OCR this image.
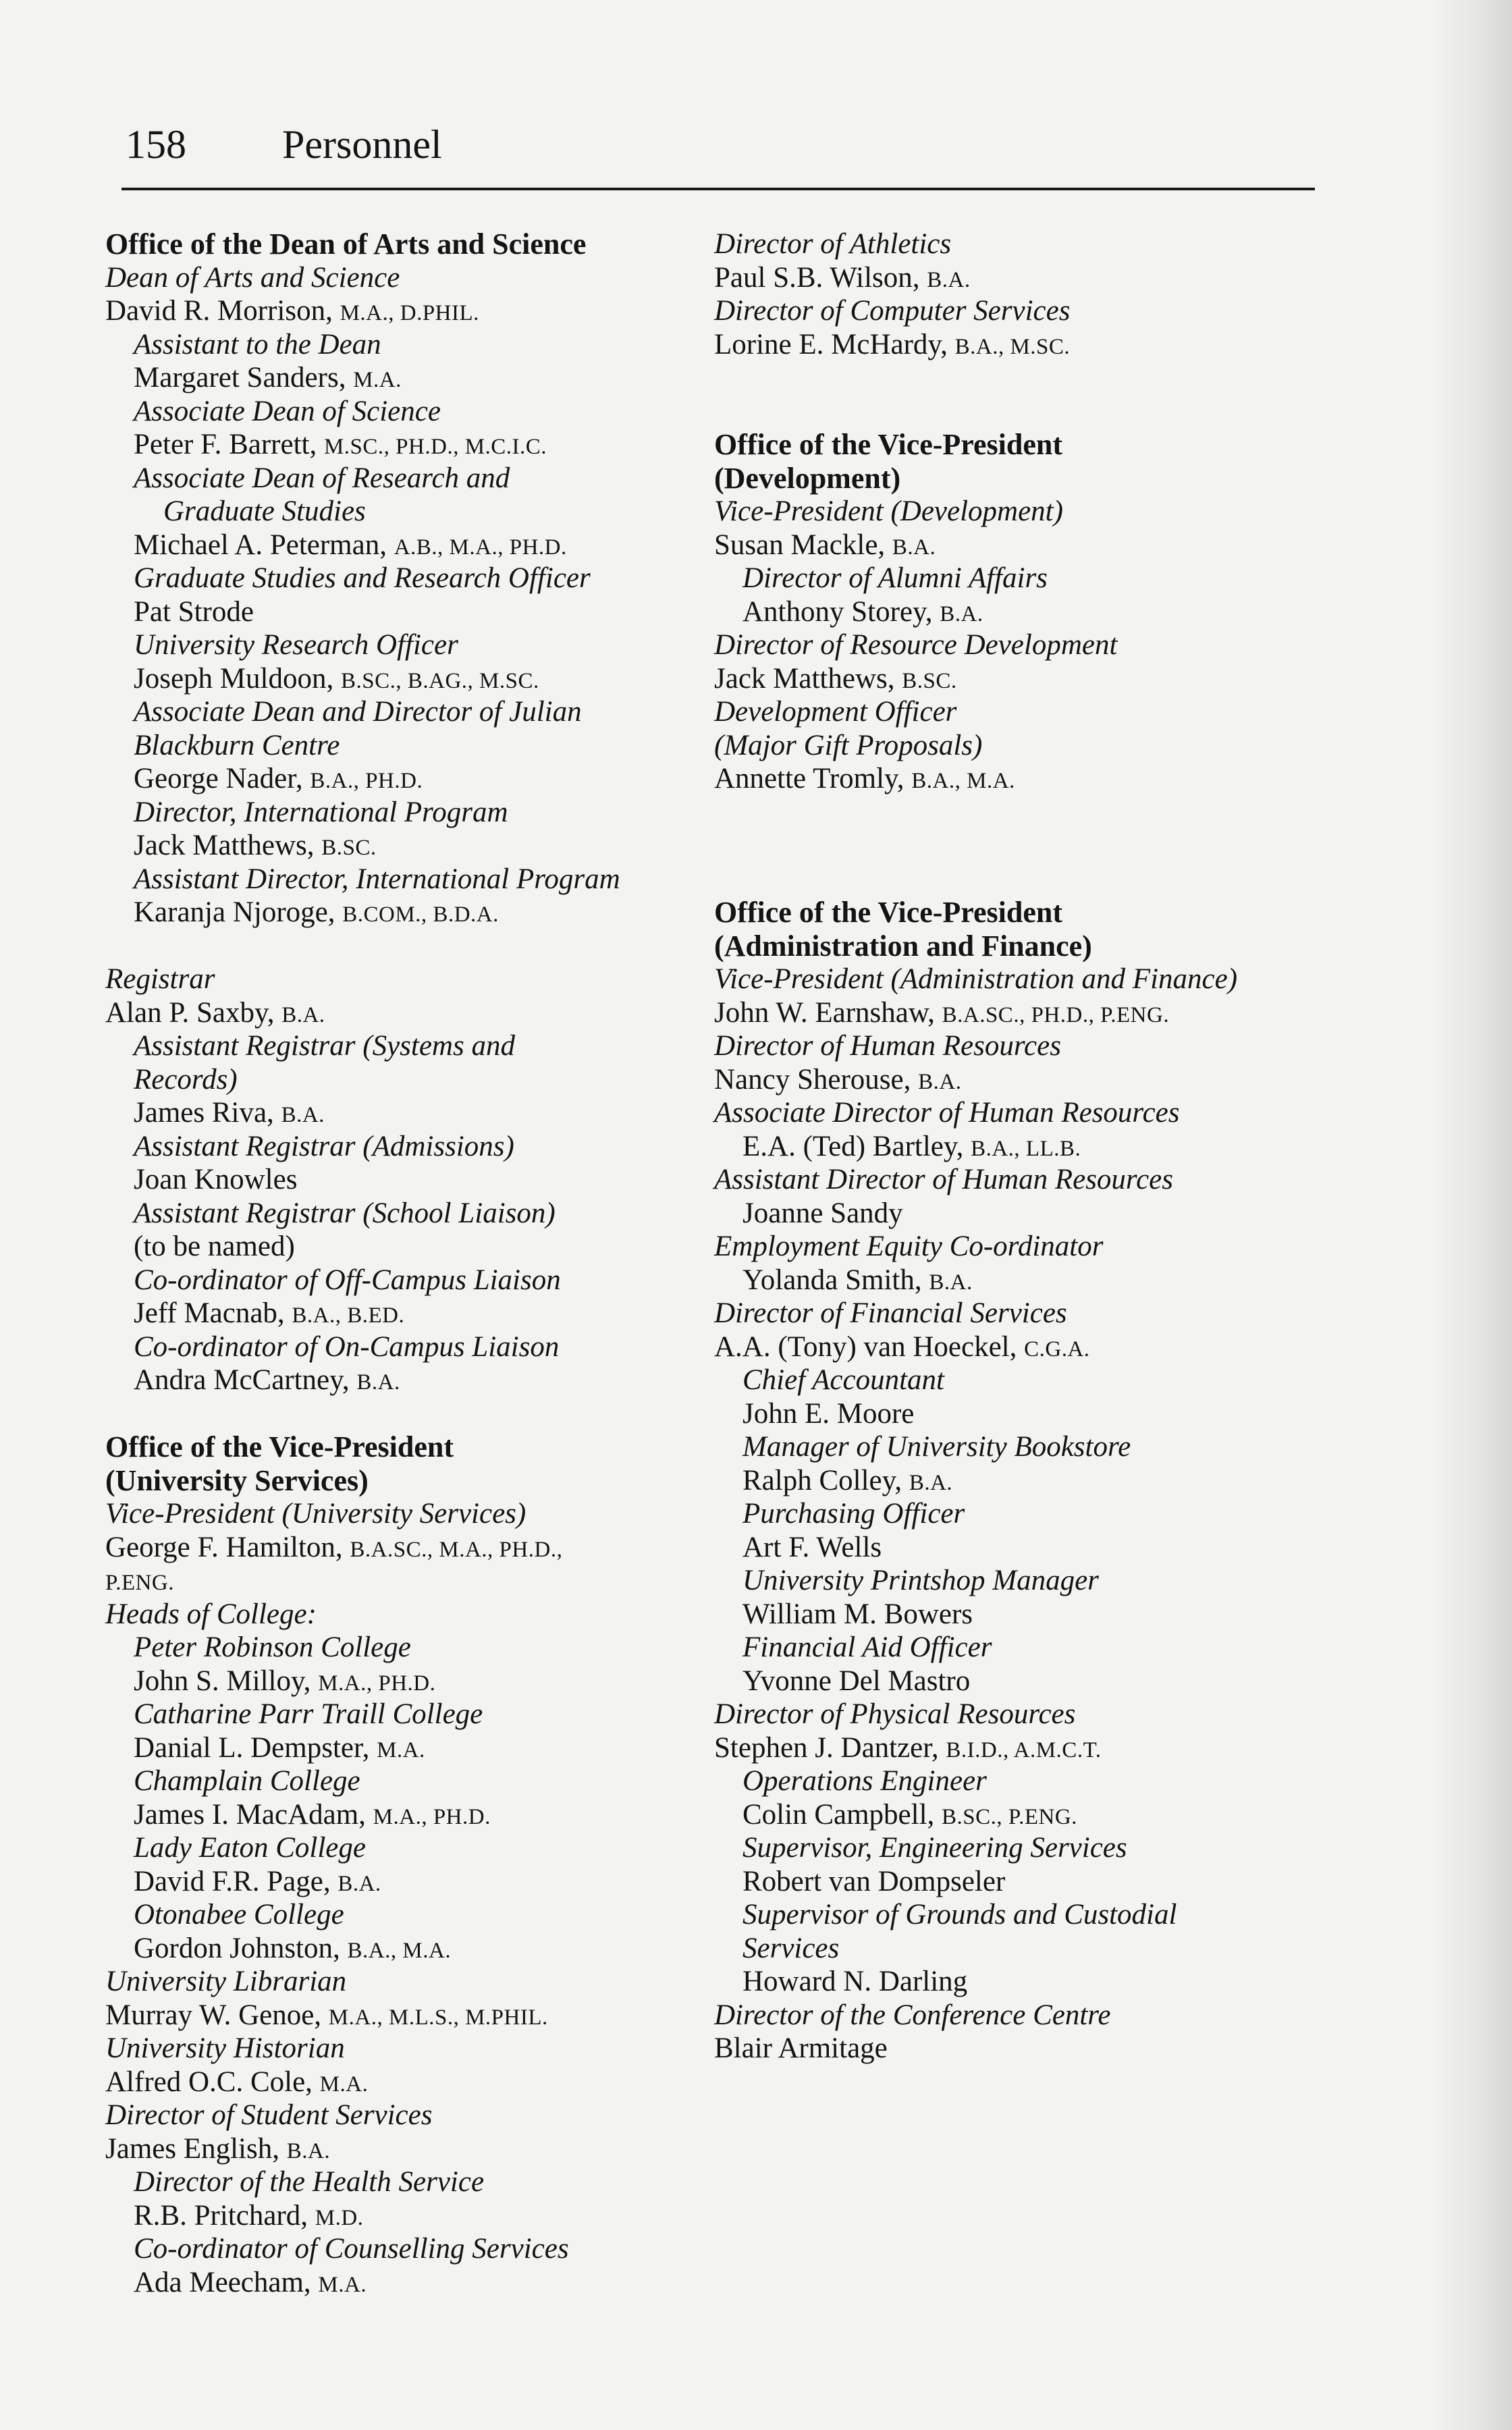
158 Personnel
Office of the Dean of Arts and Science
Dean of Arts and Science
David R. Morrison, M.A., D.PHIL.
Assistant to the Dean
Margaret Sanders, M.A.
Associate Dean of Science
Peter F. Barrett, M.SC., PH.D., M.C.I.C.
Associate Dean of Research and
Graduate Studies
Michael A. Peterman, A.B., M.A., PH.D.
Graduate Studies and Research Officer
Pat Strode
University Research Officer
Joseph Muldoon, B.SC., B.AG., M.SC.
Associate Dean and Director of Julian
Blackburn Centre
George Nader, B.A., PH.D.
Director, International Program
Jack Matthews, B.SC.
Assistant Director, International Program
Karanja Njoroge, B.COM., B.D.A.
Registrar
Alan P. Saxby, B.A.
Assistant Registrar (Systems and
Records)
James Riva, B.A.
Assistant Registrar (Admissions)
Joan Knowles
Assistant Registrar (School Liaison)
(to be named)
Co-ordinator of Off-Campus Liaison
Jeff Macnab, B.A., B.ED.
Co-ordinator of On-Campus Liaison
Andra McCartney, B.A.
Office of the Vice-President
(University Services)
Vice-President (University Services)
George F. Hamilton, B.A.SC., M.A., PH.D.,
P.ENG.
Heads of College:
Peter Robinson College
John S. Milloy, M.A., PH.D.
Catharine Parr Traill College
Danial L. Dempster, M.A.
Champlain College
James I. MacAdam, M.A., PH.D.
Lady Eaton College
David F.R. Page, B.A.
Otonabee College
Gordon Johnston, B.A., M.A.
University Librarian
Murray W. Genoe, M.A., M.L.S., M.PHIL.
University Historian
Alfred O.C. Cole, M.A.
Director of Student Services
James English, B.A.
Director of the Health Service
R.B. Pritchard, M.D.
Co-ordinator of Counselling Services
Ada Meecham, M.A.
Director of Athletics
Paul S.B. Wilson, B.A.
Director of Computer Services
Lorine E. McHardy, B.A., M.SC.
Office of the Vice-President
(Development)
Vice-President (Development)
Susan Mackle, B.A.
Director of Alumni Affairs
Anthony Storey, B.A.
Director of Resource Development
Jack Matthews, B.SC.
Development Officer
(Major Gift Proposals)
Annette Tromly, B.A., M.A.
Office of the Vice-President
(Administration and Finance)
Vice-President (Administration and Finance)
John W. Earnshaw, B.A.SC., PH.D., P.ENG.
Director of Human Resources
Nancy Sherouse, B.A.
Associate Director of Human Resources
E.A. (Ted) Bartley, B.A., LL.B.
Assistant Director of Human Resources
Joanne Sandy
Employment Equity Co-ordinator
Yolanda Smith, B.A.
Director of Financial Services
A.A. (Tony) van Hoeckel, C.G.A.
Chief Accountant
John E. Moore
Manager of University Bookstore
Ralph Colley, B.A.
Purchasing Officer
Art F. Wells
University Printshop Manager
William M. Bowers
Financial Aid Officer
Yvonne Del Mastro
Director of Physical Resources
Stephen J. Dantzer, B.I.D., A.M.C.T.
Operations Engineer
Colin Campbell, B.SC., P.ENG.
Supervisor, Engineering Services
Robert van Dompseler
Supervisor of Grounds and Custodial
Services
Howard N. Darling
Director of the Conference Centre
Blair Armitage
